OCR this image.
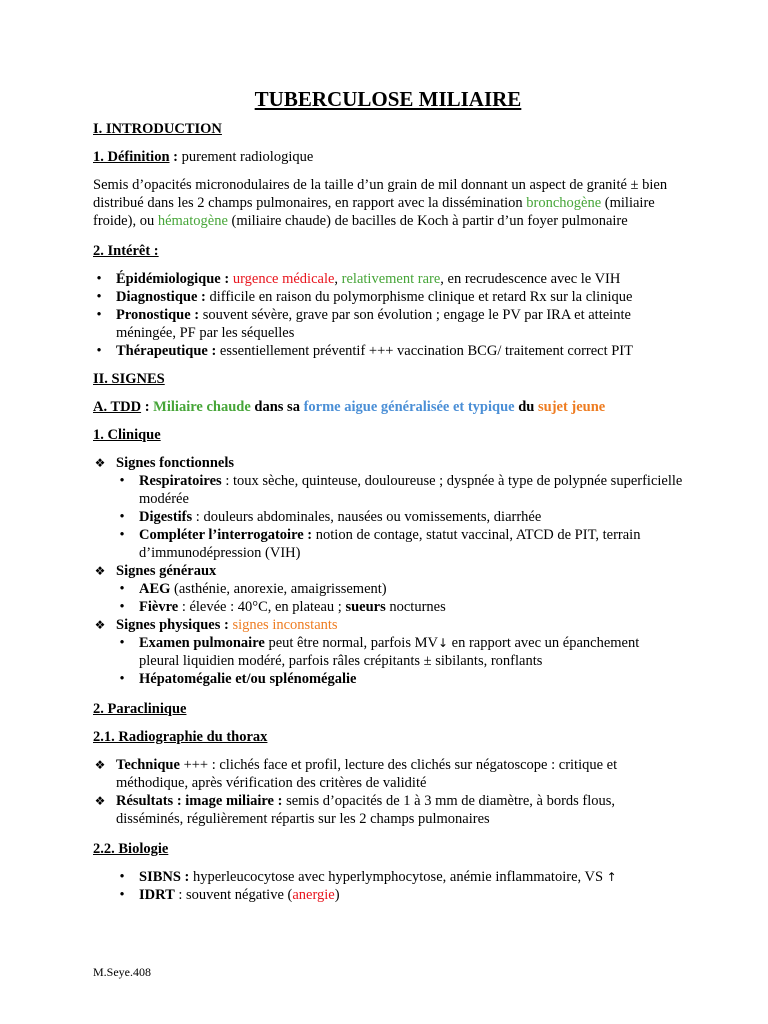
TUBERCULOSE MILIAIRE
I. INTRODUCTION

1. Définition : purement radiologique

Semis d’opacités micronodulaires de la taille d’un grain de mil donnant un aspect de granité ± bien distribué dans les 2 champs pulmonaires, en rapport avec la dissémination bronchogène (miliaire froide), ou hématogène (miliaire chaude) de bacilles de Koch à partir d’un foyer pulmonaire

2. Intérêt :
• Épidémiologique : urgence médicale, relativement rare, en recrudescence avec le VIH
• Diagnostique : difficile en raison du polymorphisme clinique et retard Rx sur la clinique
• Pronostique : souvent sévère, grave par son évolution ; engage le PV par IRA et atteinte méningée, PF par les séquelles
• Thérapeutique : essentiellement préventif +++ vaccination BCG/ traitement correct PIT
II. SIGNES

A. TDD : Miliaire chaude dans sa forme aigue généralisée et typique du sujet jeune

1. Clinique
❖ Signes fonctionnels
• Respiratoires : toux sèche, quinteuse, douloureuse ; dyspnée à type de polypnée superficielle modérée
• Digestifs : douleurs abdominales, nausées ou vomissements, diarrhée
• Compléter l’interrogatoire : notion de contage, statut vaccinal, ATCD de PIT, terrain d’immunodépression (VIH)
❖ Signes généraux
• AEG (asthénie, anorexie, amaigrissement)
• Fièvre : élevée : 40°C, en plateau ; sueurs nocturnes
❖ Signes physiques : signes inconstants
• Examen pulmonaire peut être normal, parfois MV↓ en rapport avec un épanchement pleural liquidien modéré, parfois râles crépitants ± sibilants, ronflants
• Hépatomégalie et/ou splénomégalie
2. Paraclinique
2.1. Radiographie du thorax
❖ Technique +++ : clichés face et profil, lecture des clichés sur négatoscope : critique et méthodique, après vérification des critères de validité
❖ Résultats : image miliaire : semis d’opacités de 1 à 3 mm de diamètre, à bords flous, disséminés, régulièrement répartis sur les 2 champs pulmonaires
2.2. Biologie
• SIBNS : hyperleucocytose avec hyperlymphocytose, anémie inflammatoire, VS ↑
• IDRT : souvent négative (anergie)
M.Seye.408
